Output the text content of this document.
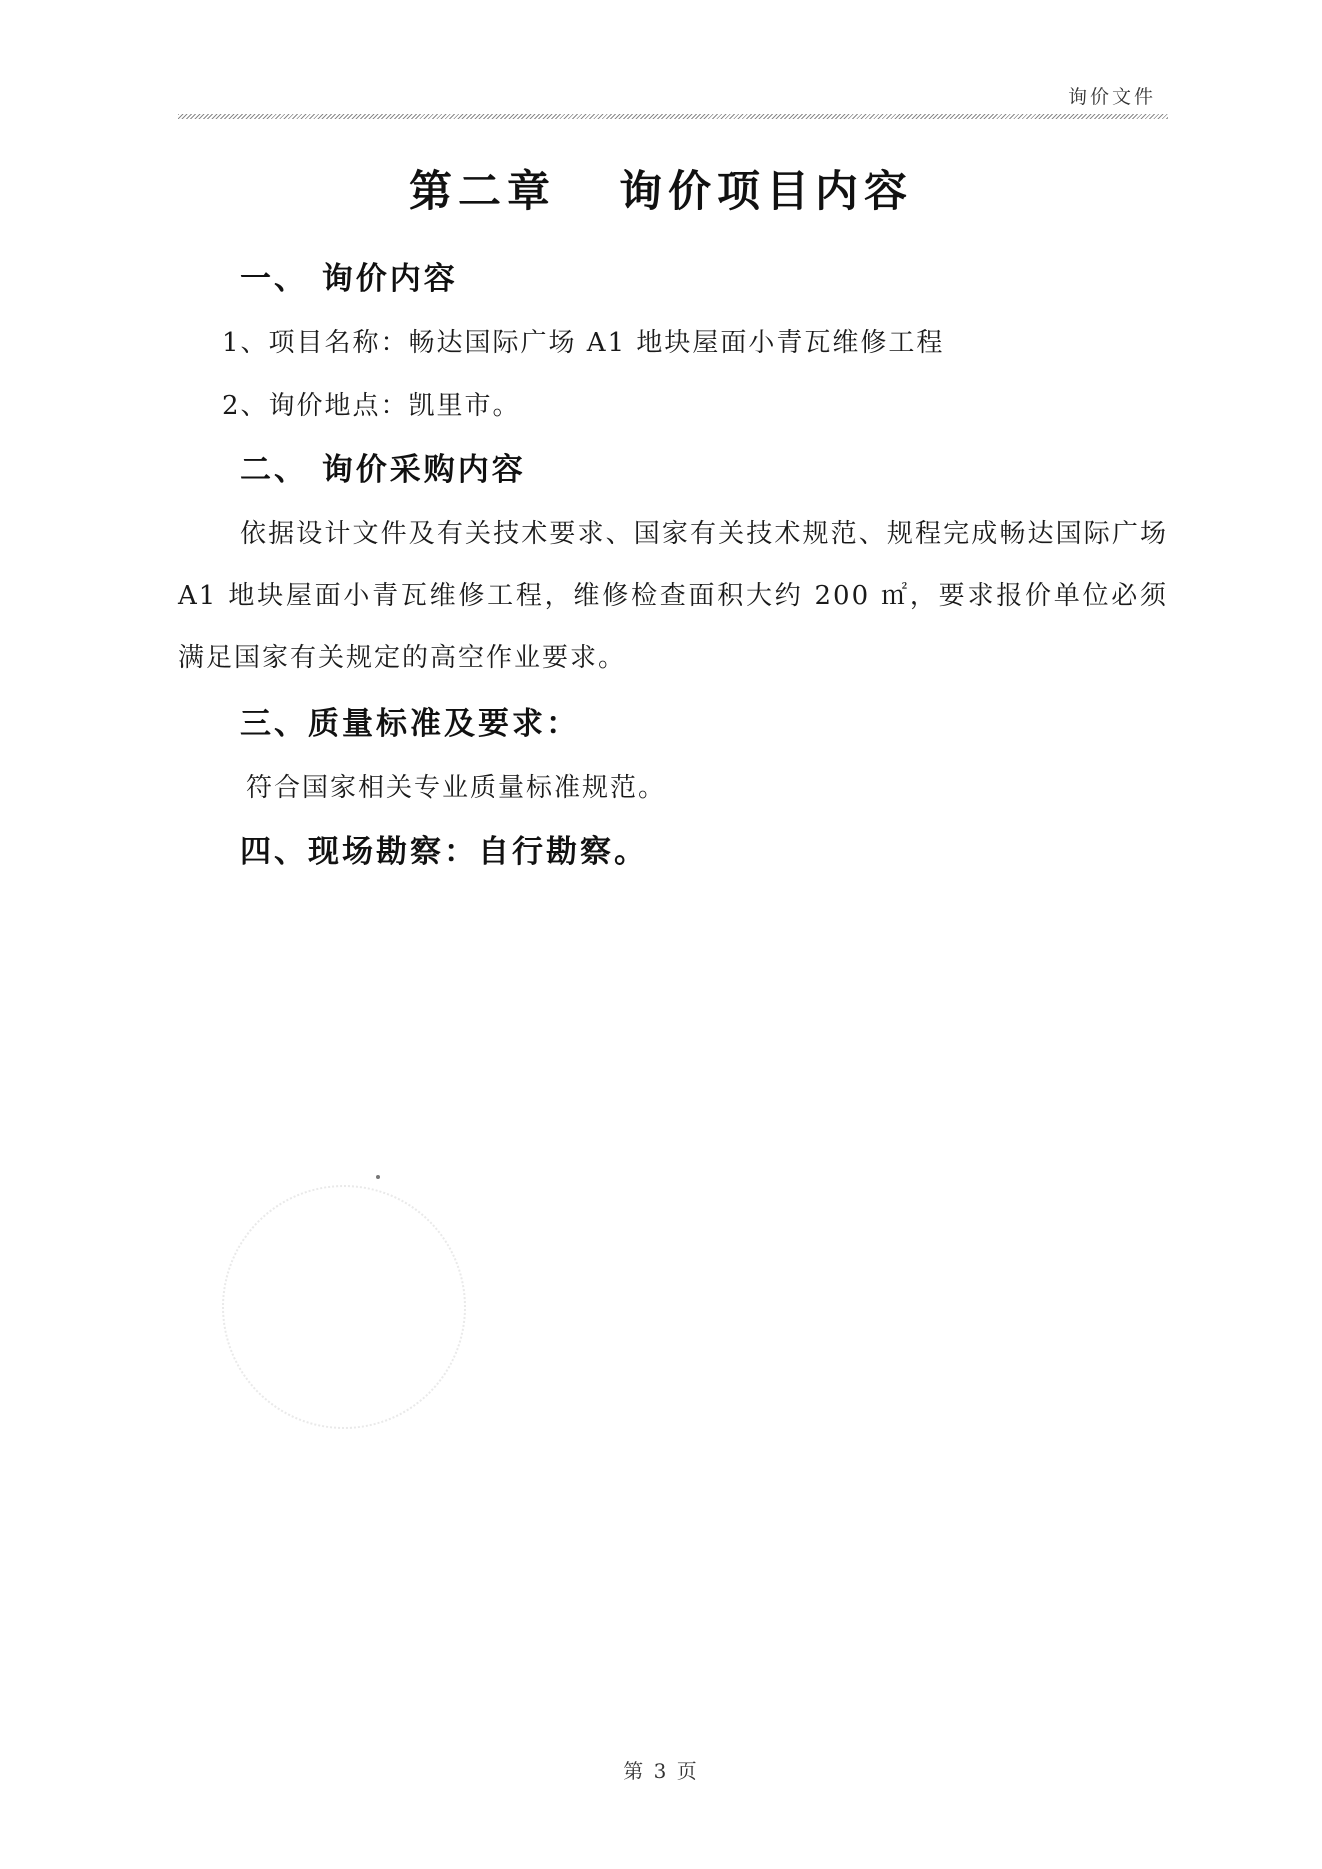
询价文件
第二章   询价项目内容
一、 询价内容
1、项目名称：畅达国际广场 A1 地块屋面小青瓦维修工程
2、询价地点：凯里市。
二、 询价采购内容
依据设计文件及有关技术要求、国家有关技术规范、规程完成畅达国际广场 A1 地块屋面小青瓦维修工程，维修检查面积大约 200 ㎡，要求报价单位必须满足国家有关规定的高空作业要求。
三、质量标准及要求：
符合国家相关专业质量标准规范。
四、现场勘察：自行勘察。
第 3 页
